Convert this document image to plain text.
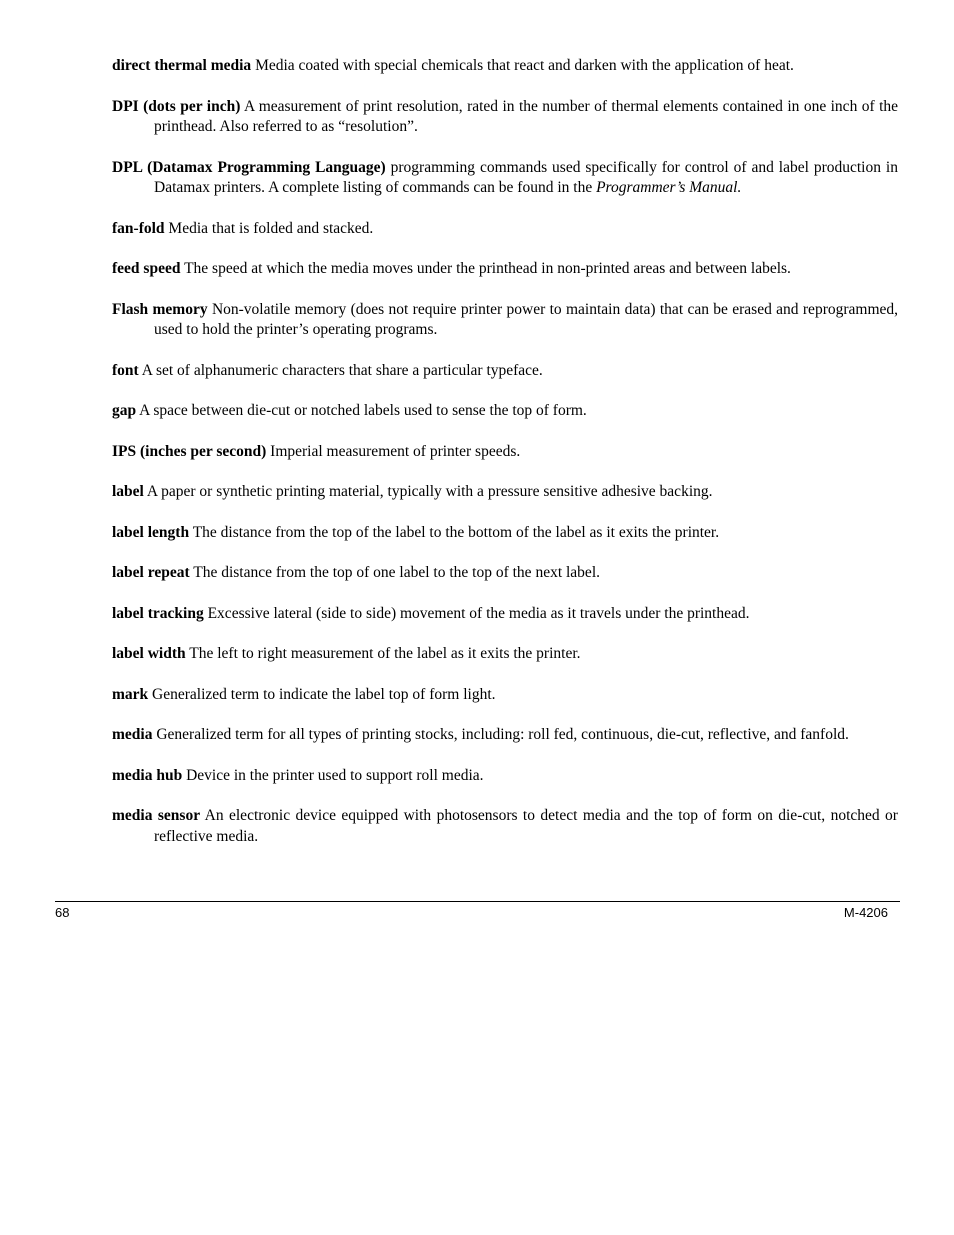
direct thermal media Media coated with special chemicals that react and darken with the application of heat.

DPI (dots per inch) A measurement of print resolution, rated in the number of thermal elements contained in one inch of the printhead. Also referred to as “resolution”.

DPL (Datamax Programming Language) programming commands used specifically for control of and label production in Datamax printers. A complete listing of commands can be found in the Programmer’s Manual.

fan-fold Media that is folded and stacked.

feed speed The speed at which the media moves under the printhead in non-printed areas and between labels.

Flash memory Non-volatile memory (does not require printer power to maintain data) that can be erased and reprogrammed, used to hold the printer’s operating programs.

font A set of alphanumeric characters that share a particular typeface.

gap A space between die-cut or notched labels used to sense the top of form.

IPS (inches per second) Imperial measurement of printer speeds.

label A paper or synthetic printing material, typically with a pressure sensitive adhesive backing.

label length The distance from the top of the label to the bottom of the label as it exits the printer.

label repeat The distance from the top of one label to the top of the next label.

label tracking Excessive lateral (side to side) movement of the media as it travels under the printhead.

label width The left to right measurement of the label as it exits the printer.

mark Generalized term to indicate the label top of form light.

media Generalized term for all types of printing stocks, including: roll fed, continuous, die-cut, reflective, and fanfold.

media hub Device in the printer used to support roll media.

media sensor An electronic device equipped with photosensors to detect media and the top of form on die-cut, notched or reflective media.

68	M-4206
